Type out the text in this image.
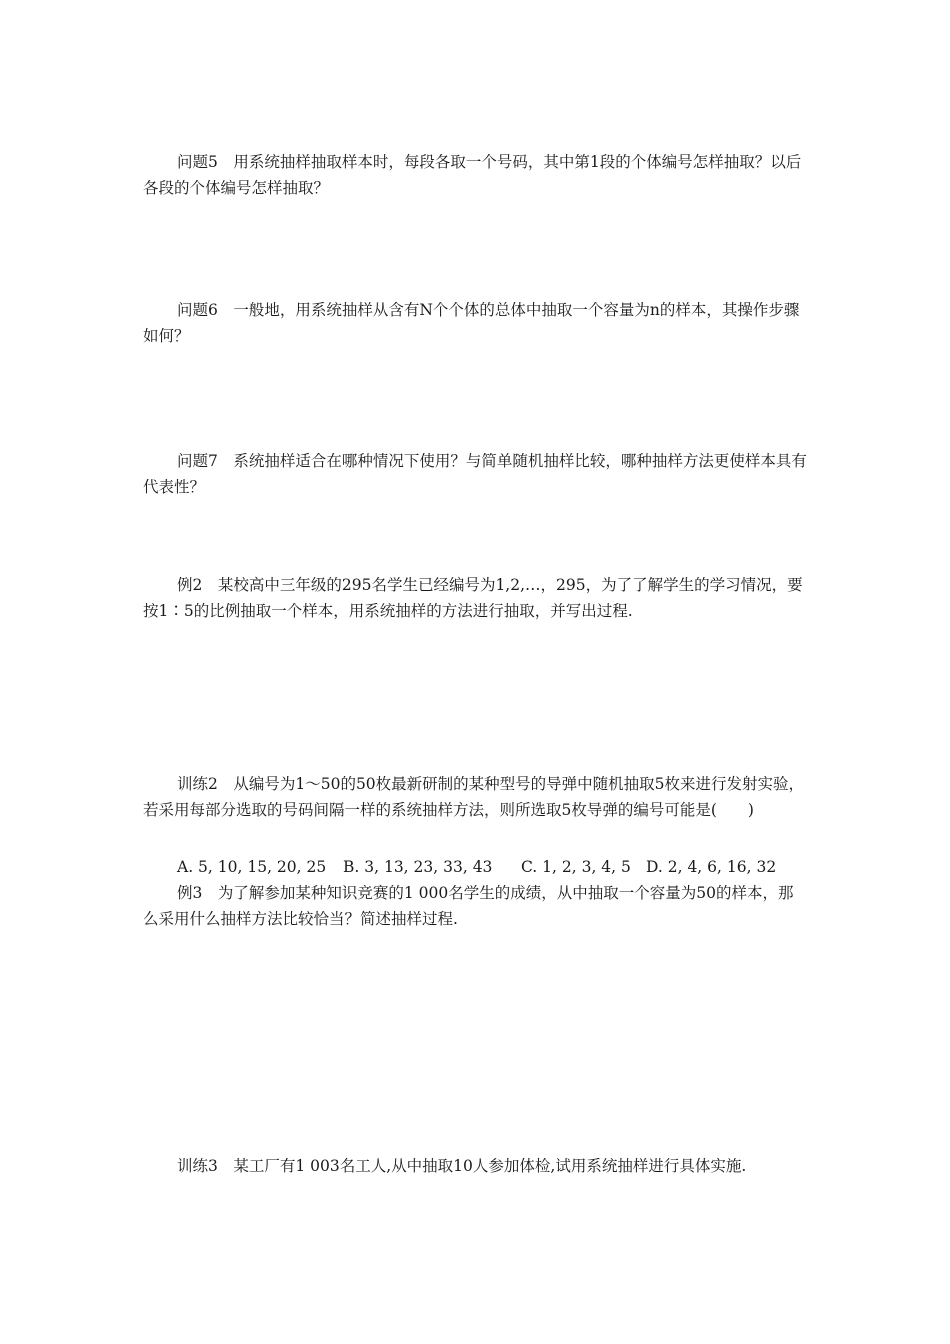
问题5　用系统抽样抽取样本时，每段各取一个号码，其中第1段的个体编号怎样抽取？以后各段的个体编号怎样抽取？

问题6　一般地，用系统抽样从含有N个个体的总体中抽取一个容量为n的样本，其操作步骤如何？

问题7　系统抽样适合在哪种情况下使用？与简单随机抽样比较，哪种抽样方法更使样本具有代表性？

例2　某校高中三年级的295名学生已经编号为1,2,…，295，为了了解学生的学习情况，要按1∶5的比例抽取一个样本，用系统抽样的方法进行抽取，并写出过程.

训练2　从编号为1～50的50枚最新研制的某种型号的导弹中随机抽取5枚来进行发射实验，若采用每部分选取的号码间隔一样的系统抽样方法，则所选取5枚导弹的编号可能是(　　)

A. 5, 10, 15, 20, 25 B. 3, 13, 23, 33, 43 C. 1, 2, 3, 4, 5 D. 2, 4, 6, 16, 32

例3　为了解参加某种知识竞赛的1 000名学生的成绩，从中抽取一个容量为50的样本，那么采用什么抽样方法比较恰当？简述抽样过程.

训练3　某工厂有1 003名工人,从中抽取10人参加体检,试用系统抽样进行具体实施.
